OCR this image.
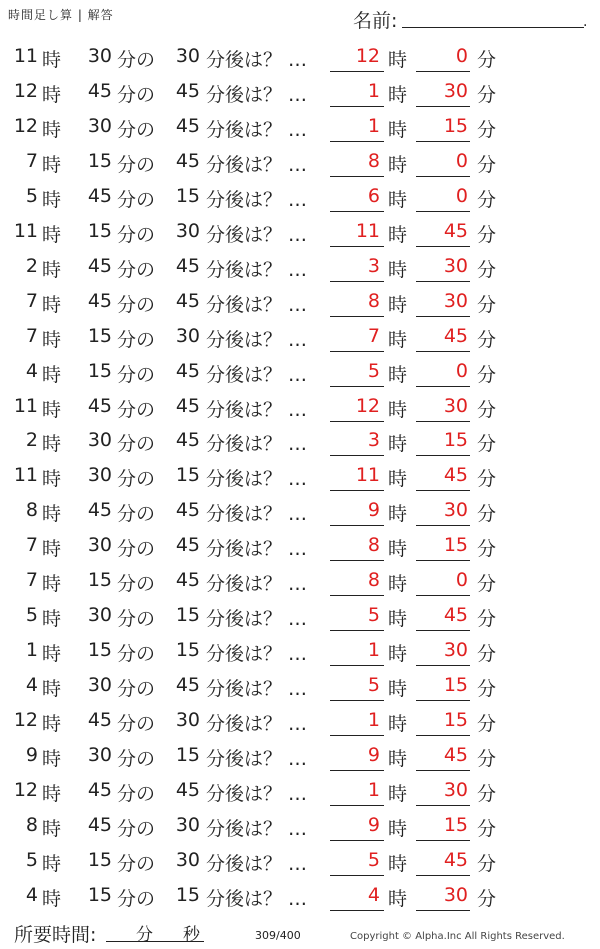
時間足し算 | 解答	名前:	.
11 時	30 分の	30 分後は？ …	12 時	0 分
12 時	45 分の	45 分後は？ …	1 時	30 分
12 時	30 分の	45 分後は？ …	1 時	15 分
7 時	15 分の	45 分後は？ …	8 時	0 分
5 時	45 分の	15 分後は？ …	6 時	0 分
11 時	15 分の	30 分後は？ …	11 時	45 分
2 時	45 分の	45 分後は？ …	3 時	30 分
7 時	45 分の	45 分後は？ …	8 時	30 分
7 時	15 分の	30 分後は？ …	7 時	45 分
4 時	15 分の	45 分後は？ …	5 時	0 分
11 時	45 分の	45 分後は？ …	12 時	30 分
2 時	30 分の	45 分後は？ …	3 時	15 分
11 時	30 分の	15 分後は？ …	11 時	45 分
8 時	45 分の	45 分後は？ …	9 時	30 分
7 時	30 分の	45 分後は？ …	8 時	15 分
7 時	15 分の	45 分後は？ …	8 時	0 分
5 時	30 分の	15 分後は？ …	5 時	45 分
1 時	15 分の	15 分後は？ …	1 時	30 分
4 時	30 分の	45 分後は？ …	5 時	15 分
12 時	45 分の	30 分後は？ …	1 時	15 分
9 時	30 分の	15 分後は？ …	9 時	45 分
12 時	45 分の	45 分後は？ …	1 時	30 分
8 時	45 分の	30 分後は？ …	9 時	15 分
5 時	15 分の	30 分後は？ …	5 時	45 分
4 時	15 分の	15 分後は？ …	4 時	30 分
所要時間: 分 秒	309/400	Copyright © Alpha.Inc All Rights Reserved.
